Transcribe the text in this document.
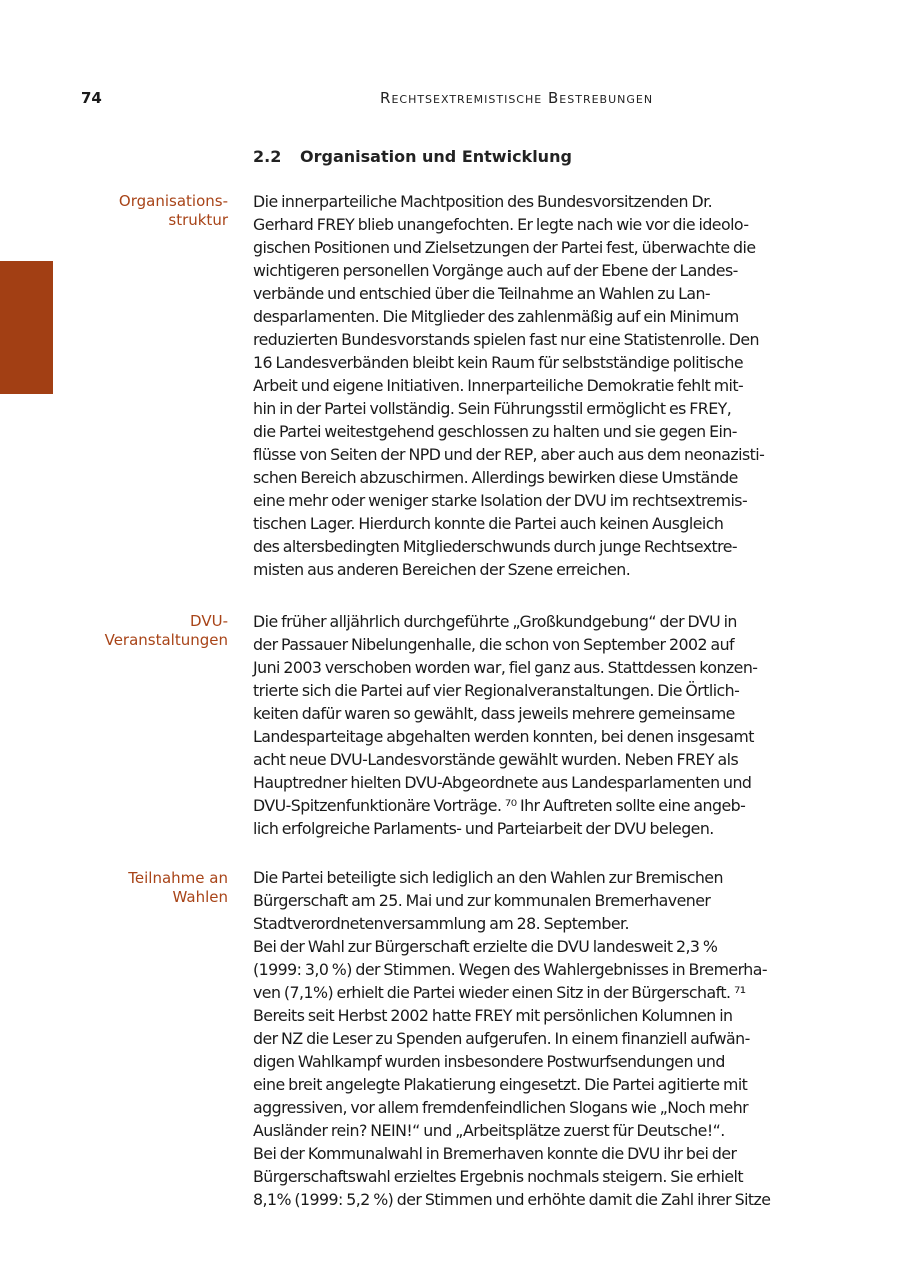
74	RECHTSEXTREMISTISCHE BESTREBUNGEN
2.2 Organisation und Entwicklung
Organisations-
struktur
Die innerparteiliche Machtposition des Bundesvorsitzenden Dr.
Gerhard FREY blieb unangefochten. Er legte nach wie vor die ideolo-
gischen Positionen und Zielsetzungen der Partei fest, überwachte die
wichtigeren personellen Vorgänge auch auf der Ebene der Landes-
verbände und entschied über die Teilnahme an Wahlen zu Lan-
desparlamenten. Die Mitglieder des zahlenmäßig auf ein Minimum
reduzierten Bundesvorstands spielen fast nur eine Statistenrolle. Den
16 Landesverbänden bleibt kein Raum für selbstständige politische
Arbeit und eigene Initiativen. Innerparteiliche Demokratie fehlt mit-
hin in der Partei vollständig. Sein Führungsstil ermöglicht es FREY,
die Partei weitestgehend geschlossen zu halten und sie gegen Ein-
flüsse von Seiten der NPD und der REP, aber auch aus dem neonazisti-
schen Bereich abzuschirmen. Allerdings bewirken diese Umstände
eine mehr oder weniger starke Isolation der DVU im rechtsextremis-
tischen Lager. Hierdurch konnte die Partei auch keinen Ausgleich
des altersbedingten Mitgliederschwunds durch junge Rechtsextre-
misten aus anderen Bereichen der Szene erreichen.
DVU-
Veranstaltungen
Die früher alljährlich durchgeführte „Großkundgebung“ der DVU in
der Passauer Nibelungenhalle, die schon von September 2002 auf
Juni 2003 verschoben worden war, fiel ganz aus. Stattdessen konzen-
trierte sich die Partei auf vier Regionalveranstaltungen. Die Örtlich-
keiten dafür waren so gewählt, dass jeweils mehrere gemeinsame
Landesparteitage abgehalten werden konnten, bei denen insgesamt
acht neue DVU-Landesvorstände gewählt wurden. Neben FREY als
Hauptredner hielten DVU-Abgeordnete aus Landesparlamenten und
DVU-Spitzenfunktionäre Vorträge. ⁷⁰ Ihr Auftreten sollte eine angeb-
lich erfolgreiche Parlaments- und Parteiarbeit der DVU belegen.
Teilnahme an
Wahlen
Die Partei beteiligte sich lediglich an den Wahlen zur Bremischen
Bürgerschaft am 25. Mai und zur kommunalen Bremerhavener
Stadtverordnetenversammlung am 28. September.
Bei der Wahl zur Bürgerschaft erzielte die DVU landesweit 2,3 %
(1999: 3,0 %) der Stimmen. Wegen des Wahlergebnisses in Bremerha-
ven (7,1%) erhielt die Partei wieder einen Sitz in der Bürgerschaft. ⁷¹
Bereits seit Herbst 2002 hatte FREY mit persönlichen Kolumnen in
der NZ die Leser zu Spenden aufgerufen. In einem finanziell aufwän-
digen Wahlkampf wurden insbesondere Postwurfsendungen und
eine breit angelegte Plakatierung eingesetzt. Die Partei agitierte mit
aggressiven, vor allem fremdenfeindlichen Slogans wie „Noch mehr
Ausländer rein? NEIN!“ und „Arbeitsplätze zuerst für Deutsche!“.
Bei der Kommunalwahl in Bremerhaven konnte die DVU ihr bei der
Bürgerschaftswahl erzieltes Ergebnis nochmals steigern. Sie erhielt
8,1% (1999: 5,2 %) der Stimmen und erhöhte damit die Zahl ihrer Sitze
